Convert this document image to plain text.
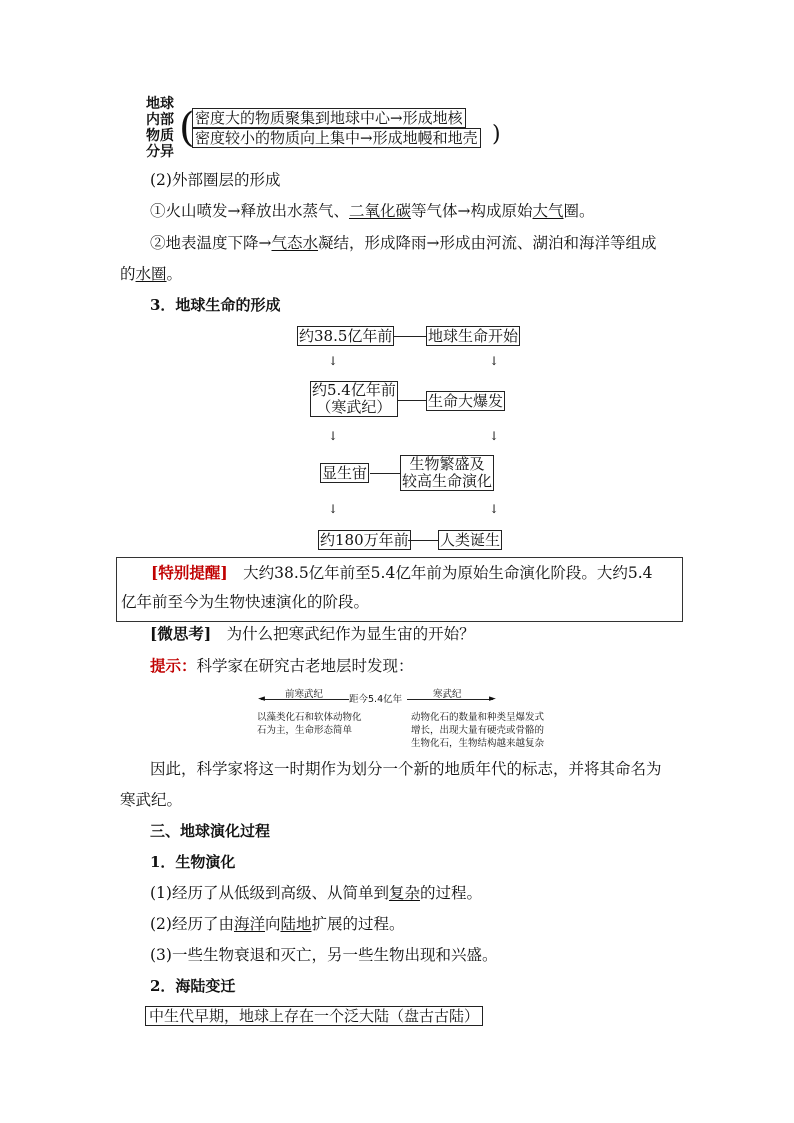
地球
内部
物质
分异
( 密度大的物质聚集到地球中心→形成地核
密度较小的物质向上集中→形成地幔和地壳 )
(2)外部圈层的形成
①火山喷发→释放出水蒸气、二氧化碳等气体→构成原始大气圈。
②地表温度下降→气态水凝结，形成降雨→形成由河流、湖泊和海洋等组成
的水圈。
3．地球生命的形成
约38.5亿年前 地球生命开始
↓	↓
约5.4亿年前
（寒武纪） 生命大爆发
↓	↓
显生宙	生物繁盛及
较高生命演化
↓	↓
约180万年前 人类诞生
[特别提醒]　大约38.5亿年前至5.4亿年前为原始生命演化阶段。大约5.4
亿年前至今为生物快速演化的阶段。
[微思考]　为什么把寒武纪作为显生宙的开始？
提示：科学家在研究古老地层时发现：
前寒武纪
◄	距今5.4亿年	寒武纪	►
以藻类化石和软体动物化
石为主，生命形态简单
动物化石的数量和种类呈爆发式
增长，出现大量有硬壳或骨骼的
生物化石，生物结构越来越复杂
因此，科学家将这一时期作为划分一个新的地质年代的标志，并将其命名为
寒武纪。
三、地球演化过程
1．生物演化
(1)经历了从低级到高级、从简单到复杂的过程。
(2)经历了由海洋向陆地扩展的过程。
(3)一些生物衰退和灭亡，另一些生物出现和兴盛。
2．海陆变迁
中生代早期，地球上存在一个泛大陆（盘古古陆）
